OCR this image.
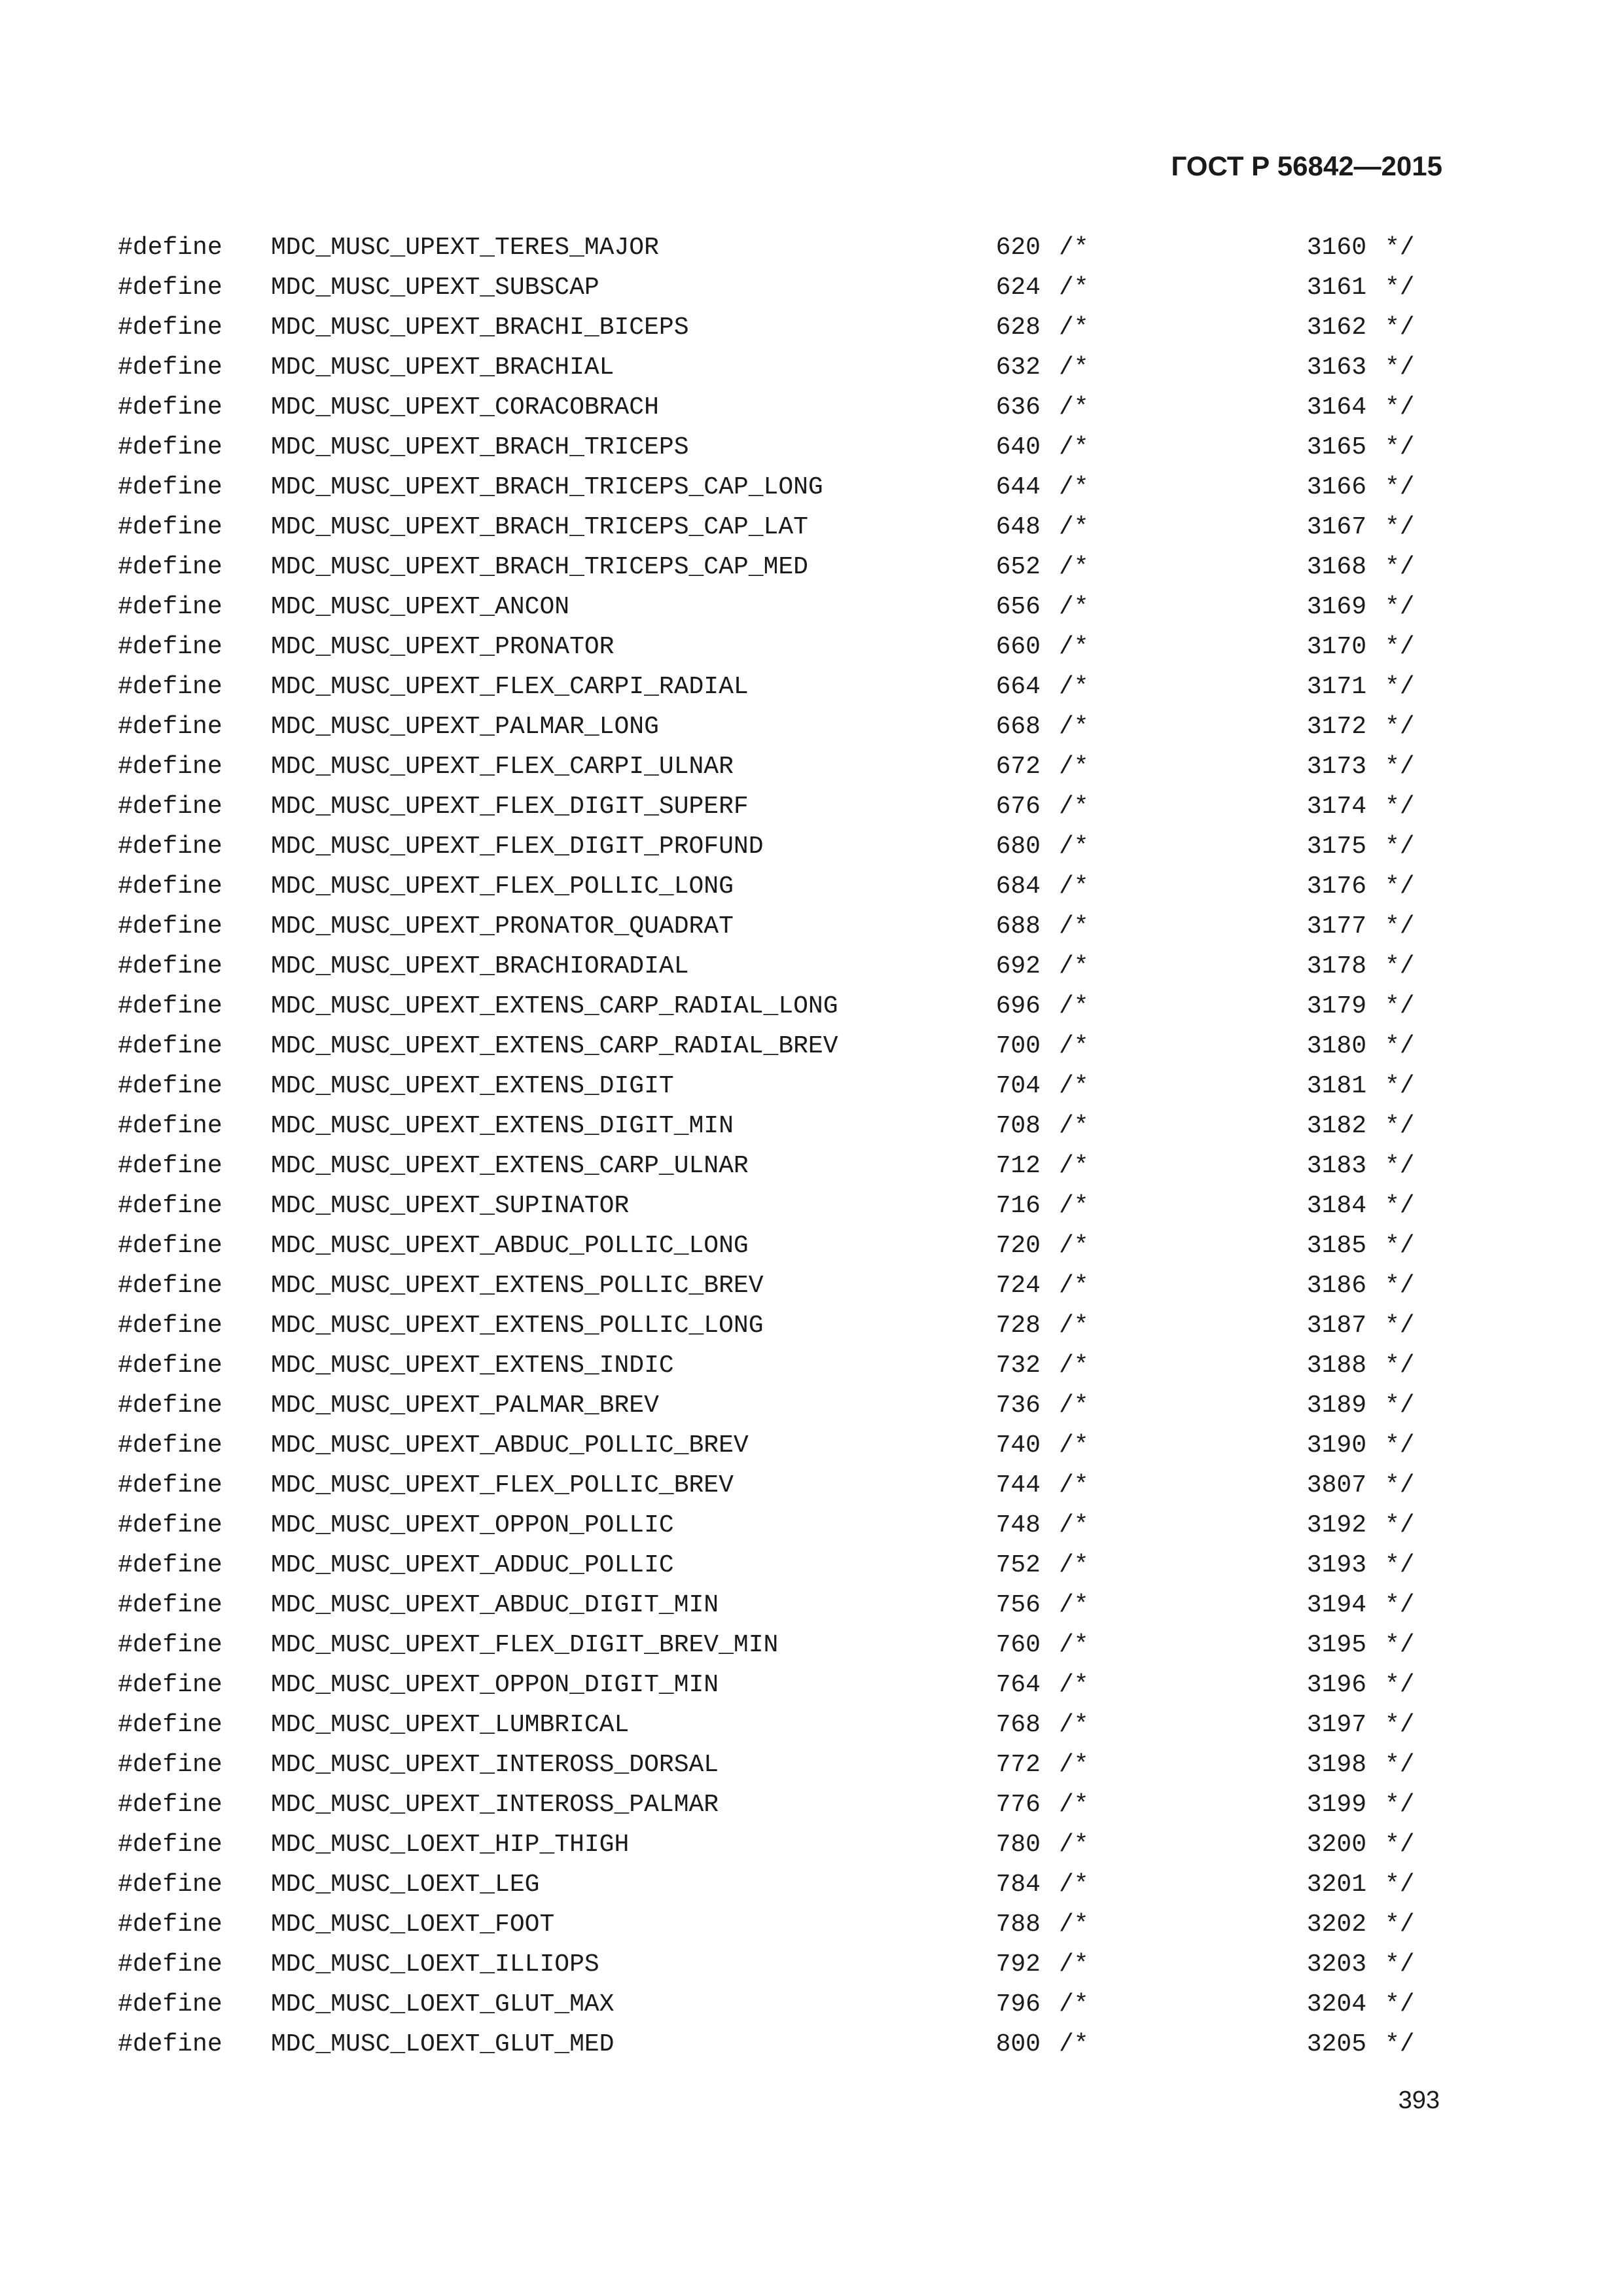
ГОСТ Р 56842—2015
#define MDC_MUSC_UPEXT_TERES_MAJOR	620 /*	3160 */
#define MDC_MUSC_UPEXT_SUBSCAP	624 /*	3161 */
#define MDC_MUSC_UPEXT_BRACHI_BICEPS	628 /*	3162 */
#define MDC_MUSC_UPEXT_BRACHIAL	632 /*	3163 */
#define MDC_MUSC_UPEXT_CORACOBRACH	636 /*	3164 */
#define MDC_MUSC_UPEXT_BRACH_TRICEPS	640 /*	3165 */
#define MDC_MUSC_UPEXT_BRACH_TRICEPS_CAP_LONG	644 /*	3166 */
#define MDC_MUSC_UPEXT_BRACH_TRICEPS_CAP_LAT	648 /*	3167 */
#define MDC_MUSC_UPEXT_BRACH_TRICEPS_CAP_MED	652 /*	3168 */
#define MDC_MUSC_UPEXT_ANCON	656 /*	3169 */
#define MDC_MUSC_UPEXT_PRONATOR	660 /*	3170 */
#define MDC_MUSC_UPEXT_FLEX_CARPI_RADIAL	664 /*	3171 */
#define MDC_MUSC_UPEXT_PALMAR_LONG	668 /*	3172 */
#define MDC_MUSC_UPEXT_FLEX_CARPI_ULNAR	672 /*	3173 */
#define MDC_MUSC_UPEXT_FLEX_DIGIT_SUPERF	676 /*	3174 */
#define MDC_MUSC_UPEXT_FLEX_DIGIT_PROFUND	680 /*	3175 */
#define MDC_MUSC_UPEXT_FLEX_POLLIC_LONG	684 /*	3176 */
#define MDC_MUSC_UPEXT_PRONATOR_QUADRAT	688 /*	3177 */
#define MDC_MUSC_UPEXT_BRACHIORADIAL	692 /*	3178 */
#define MDC_MUSC_UPEXT_EXTENS_CARP_RADIAL_LONG	696 /*	3179 */
#define MDC_MUSC_UPEXT_EXTENS_CARP_RADIAL_BREV	700 /*	3180 */
#define MDC_MUSC_UPEXT_EXTENS_DIGIT	704 /*	3181 */
#define MDC_MUSC_UPEXT_EXTENS_DIGIT_MIN	708 /*	3182 */
#define MDC_MUSC_UPEXT_EXTENS_CARP_ULNAR	712 /*	3183 */
#define MDC_MUSC_UPEXT_SUPINATOR	716 /*	3184 */
#define MDC_MUSC_UPEXT_ABDUC_POLLIC_LONG	720 /*	3185 */
#define MDC_MUSC_UPEXT_EXTENS_POLLIC_BREV	724 /*	3186 */
#define MDC_MUSC_UPEXT_EXTENS_POLLIC_LONG	728 /*	3187 */
#define MDC_MUSC_UPEXT_EXTENS_INDIC	732 /*	3188 */
#define MDC_MUSC_UPEXT_PALMAR_BREV	736 /*	3189 */
#define MDC_MUSC_UPEXT_ABDUC_POLLIC_BREV	740 /*	3190 */
#define MDC_MUSC_UPEXT_FLEX_POLLIC_BREV	744 /*	3807 */
#define MDC_MUSC_UPEXT_OPPON_POLLIC	748 /*	3192 */
#define MDC_MUSC_UPEXT_ADDUC_POLLIC	752 /*	3193 */
#define MDC_MUSC_UPEXT_ABDUC_DIGIT_MIN	756 /*	3194 */
#define MDC_MUSC_UPEXT_FLEX_DIGIT_BREV_MIN	760 /*	3195 */
#define MDC_MUSC_UPEXT_OPPON_DIGIT_MIN	764 /*	3196 */
#define MDC_MUSC_UPEXT_LUMBRICAL	768 /*	3197 */
#define MDC_MUSC_UPEXT_INTEROSS_DORSAL	772 /*	3198 */
#define MDC_MUSC_UPEXT_INTEROSS_PALMAR	776 /*	3199 */
#define MDC_MUSC_LOEXT_HIP_THIGH	780 /*	3200 */
#define MDC_MUSC_LOEXT_LEG	784 /*	3201 */
#define MDC_MUSC_LOEXT_FOOT	788 /*	3202 */
#define MDC_MUSC_LOEXT_ILLIOPS	792 /*	3203 */
#define MDC_MUSC_LOEXT_GLUT_MAX	796 /*	3204 */
#define MDC_MUSC_LOEXT_GLUT_MED	800 /*	3205 */
393
